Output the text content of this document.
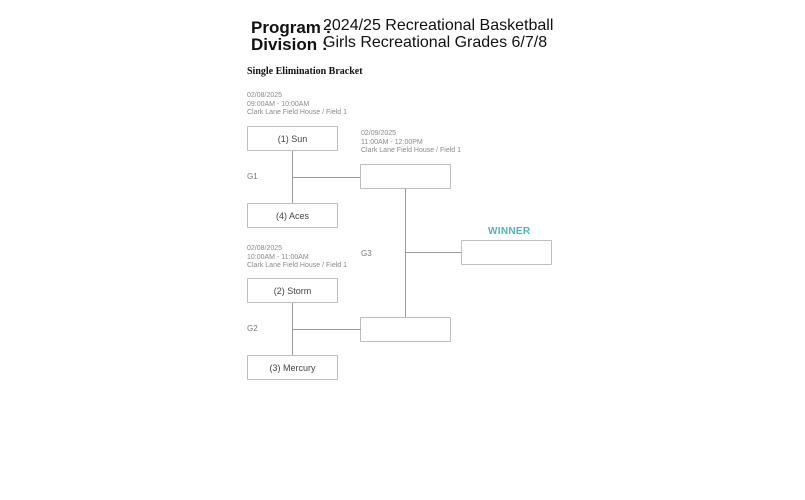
Program :
2024/25 Recreational Basketball
Division :
Girls Recreational Grades 6/7/8
Single Elimination Bracket
02/08/2025
09:00AM - 10:00AM
Clark Lane Field House / Field 1
(1) Sun
(4) Aces
G1
02/09/2025
11:00AM - 12:00PM
Clark Lane Field House / Field 1
G3
WINNER
02/08/2025
10:00AM - 11:00AM
Clark Lane Field House / Field 1
(2) Storm
(3) Mercury
G2
